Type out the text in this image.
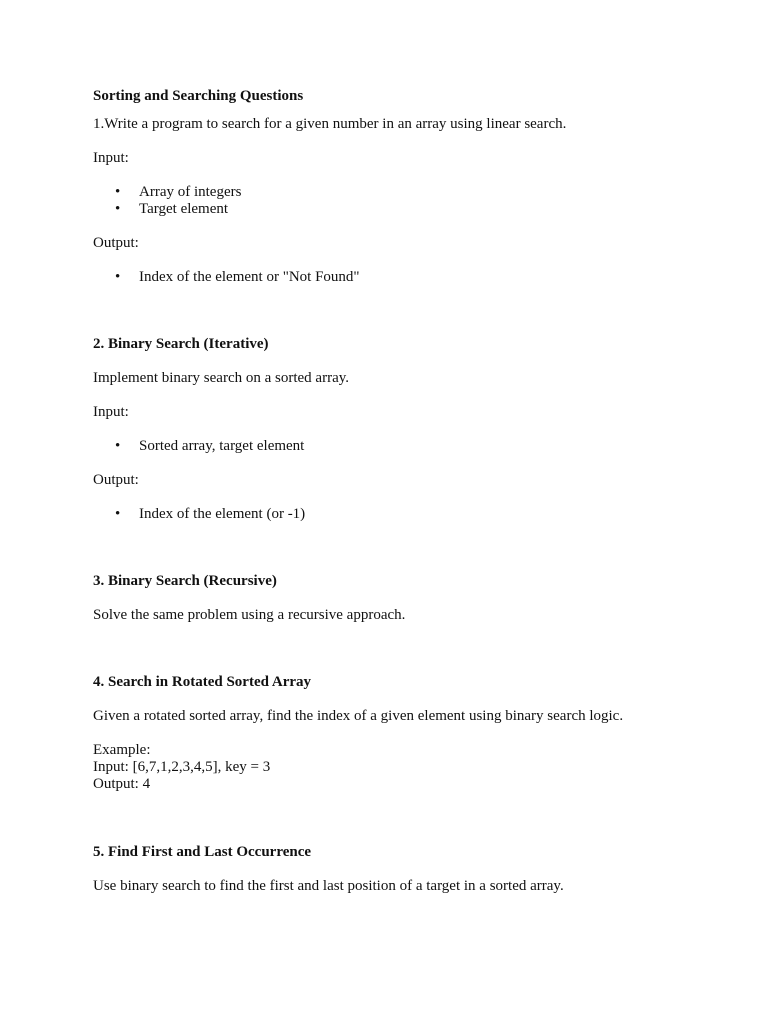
Sorting and Searching Questions

1.Write a program to search for a given number in an array using linear search.

Input:

• Array of integers
• Target element

Output:

• Index of the element or "Not Found"

2. Binary Search (Iterative)

Implement binary search on a sorted array.

Input:

• Sorted array, target element

Output:

• Index of the element (or -1)

3. Binary Search (Recursive)

Solve the same problem using a recursive approach.

4. Search in Rotated Sorted Array

Given a rotated sorted array, find the index of a given element using binary search logic.

Example:

Input: [6,7,1,2,3,4,5], key = 3

Output: 4

5. Find First and Last Occurrence

Use binary search to find the first and last position of a target in a sorted array.
